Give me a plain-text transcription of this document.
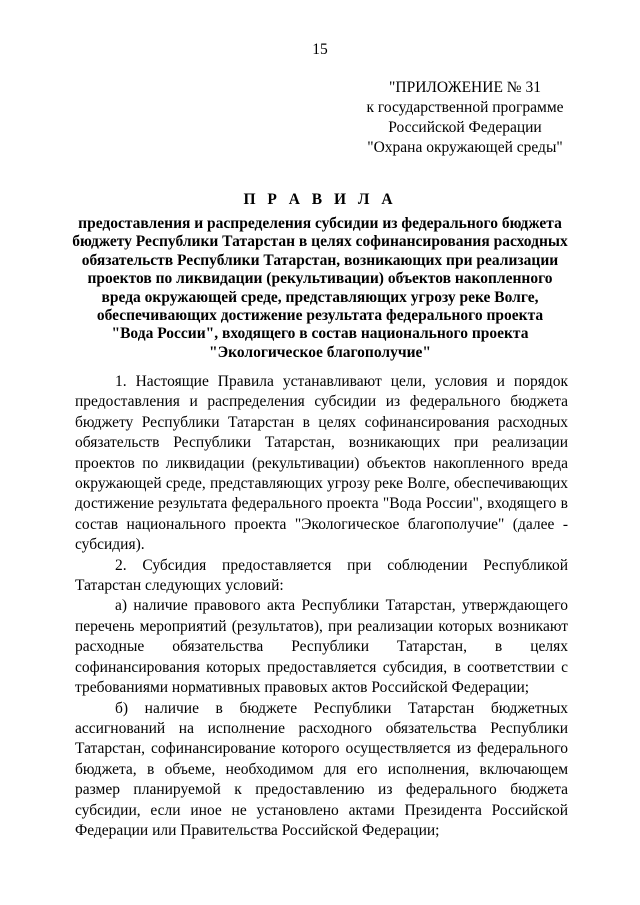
15
"ПРИЛОЖЕНИЕ № 31
к государственной программе
Российской Федерации
"Охрана окружающей среды"
П Р А В И Л А
предоставления и распределения субсидии из федерального бюджета
бюджету Республики Татарстан в целях софинансирования расходных
обязательств Республики Татарстан, возникающих при реализации
проектов по ликвидации (рекультивации) объектов накопленного
вреда окружающей среде, представляющих угрозу реке Волге,
обеспечивающих достижение результата федерального проекта
"Вода России", входящего в состав национального проекта
"Экологическое благополучие"

1. Настоящие Правила устанавливают цели, условия и порядок предоставления и распределения субсидии из федерального бюджета бюджету Республики Татарстан в целях софинансирования расходных обязательств Республики Татарстан, возникающих при реализации проектов по ликвидации (рекультивации) объектов накопленного вреда окружающей среде, представляющих угрозу реке Волге, обеспечивающих достижение результата федерального проекта "Вода России", входящего в состав национального проекта "Экологическое благополучие" (далее - субсидия).

2. Субсидия предоставляется при соблюдении Республикой Татарстан следующих условий:

а) наличие правового акта Республики Татарстан, утверждающего перечень мероприятий (результатов), при реализации которых возникают расходные обязательства Республики Татарстан, в целях софинансирования которых предоставляется субсидия, в соответствии с требованиями нормативных правовых актов Российской Федерации;

б) наличие в бюджете Республики Татарстан бюджетных ассигнований на исполнение расходного обязательства Республики Татарстан, софинансирование которого осуществляется из федерального бюджета, в объеме, необходимом для его исполнения, включающем размер планируемой к предоставлению из федерального бюджета субсидии, если иное не установлено актами Президента Российской Федерации или Правительства Российской Федерации;
